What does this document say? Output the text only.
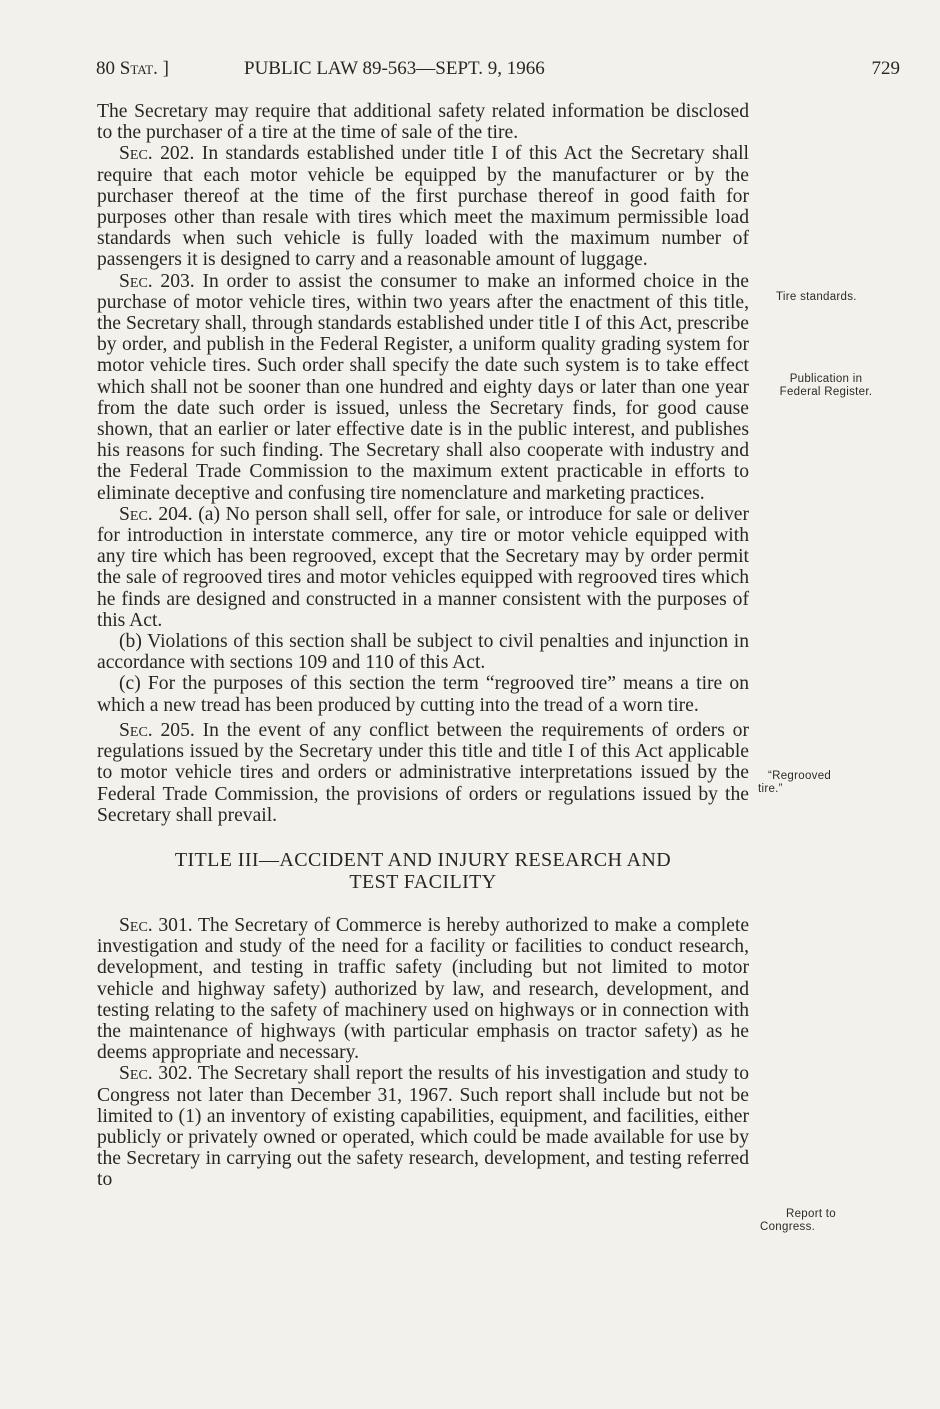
80 Stat. ]	PUBLIC LAW 89-563—SEPT. 9, 1966	729

The Secretary may require that additional safety related information be disclosed to the purchaser of a tire at the time of sale of the tire.

Sec. 202. In standards established under title I of this Act the Secretary shall require that each motor vehicle be equipped by the manufacturer or by the purchaser thereof at the time of the first purchase thereof in good faith for purposes other than resale with tires which meet the maximum permissible load standards when such vehicle is fully loaded with the maximum number of passengers it is designed to carry and a reasonable amount of luggage.

Sec. 203. In order to assist the consumer to make an informed choice in the purchase of motor vehicle tires, within two years after the enactment of this title, the Secretary shall, through standards established under title I of this Act, prescribe by order, and publish in the Federal Register, a uniform quality grading system for motor vehicle tires. Such order shall specify the date such system is to take effect which shall not be sooner than one hundred and eighty days or later than one year from the date such order is issued, unless the Secretary finds, for good cause shown, that an earlier or later effective date is in the public interest, and publishes his reasons for such finding. The Secretary shall also cooperate with industry and the Federal Trade Commission to the maximum extent practicable in efforts to eliminate deceptive and confusing tire nomenclature and marketing practices.

Sec. 204. (a) No person shall sell, offer for sale, or introduce for sale or deliver for introduction in interstate commerce, any tire or motor vehicle equipped with any tire which has been regrooved, except that the Secretary may by order permit the sale of regrooved tires and motor vehicles equipped with regrooved tires which he finds are designed and constructed in a manner consistent with the purposes of this Act.

(b) Violations of this section shall be subject to civil penalties and injunction in accordance with sections 109 and 110 of this Act.

(c) For the purposes of this section the term “regrooved tire” means a tire on which a new tread has been produced by cutting into the tread of a worn tire.

Sec. 205. In the event of any conflict between the requirements of orders or regulations issued by the Secretary under this title and title I of this Act applicable to motor vehicle tires and orders or administrative interpretations issued by the Federal Trade Commission, the provisions of orders or regulations issued by the Secretary shall prevail.

TITLE III—ACCIDENT AND INJURY RESEARCH AND
TEST FACILITY

Sec. 301. The Secretary of Commerce is hereby authorized to make a complete investigation and study of the need for a facility or facilities to conduct research, development, and testing in traffic safety (including but not limited to motor vehicle and highway safety) authorized by law, and research, development, and testing relating to the safety of machinery used on highways or in connection with the maintenance of highways (with particular emphasis on tractor safety) as he deems appropriate and necessary.

Sec. 302. The Secretary shall report the results of his investigation and study to Congress not later than December 31, 1967. Such report shall include but not be limited to (1) an inventory of existing capabilities, equipment, and facilities, either publicly or privately owned or operated, which could be made available for use by the Secretary in carrying out the safety research, development, and testing referred to

Tire standards.
Publication in
Federal Register.
“Regrooved
tire.”
Report to
Congress.
